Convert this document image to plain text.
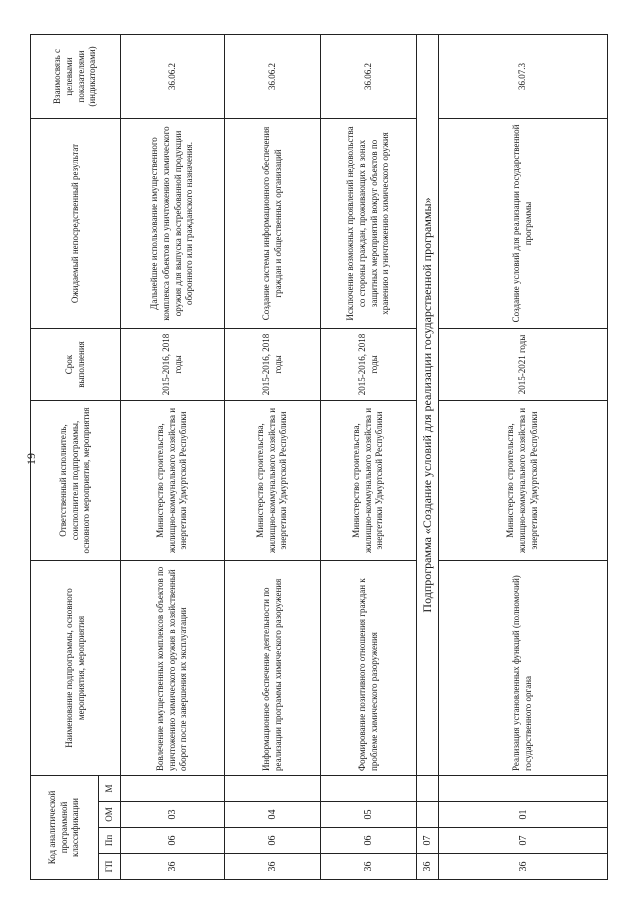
19
Код аналитической программной классификации				Наименование подпрограммы, основного мероприятия, мероприятия	Ответственный исполнитель, соисполнители подпрограммы, основного мероприятия, мероприятия	Срок выполнения	Ожидаемый непосредственный результат	Взаимосвязь с целевыми показателями (индикаторами)
ГП	Пп	ОМ	М					
36	06	03		Вовлечение имущественных комплексов объектов по уничтожению химического оружия в хозяйственный оборот после завершения их эксплуатации	Министерство строительства, жилищно-коммунального хозяйства и энергетики Удмуртской Республики	2015-2016, 2018 годы	Дальнейшее использование имущественного комплекса объектов по уничтожению химического оружия для выпуска востребованной продукции оборонного или гражданского назначения.	36.06.2
36	06	04		Информационное обеспечение деятельности по реализации программы химического разоружения	Министерство строительства, жилищно-коммунального хозяйства и энергетики Удмуртской Республики	2015-2016, 2018 годы	Создание системы информационного обеспечения граждан и общественных организаций	36.06.2
36	06	05		Формирование позитивного отношения граждан к проблеме химического разоружения	Министерство строительства, жилищно-коммунального хозяйства и энергетики Удмуртской Республики	2015-2016, 2018 годы	Исключение возможных проявлений недовольства со стороны граждан, проживающих в зонах защитных мероприятий вокруг объектов по хранению и уничтожению химического оружия	36.06.2
36	07			Подпрограмма «Создание условий для реализации государственной программы»				
36	07	01		Реализация установленных функций (полномочий) государственного органа	Министерство строительства, жилищно-коммунального хозяйства и энергетики Удмуртской Республики	2015-2021 годы	Создание условий для реализации государственной программы	36.07.3
